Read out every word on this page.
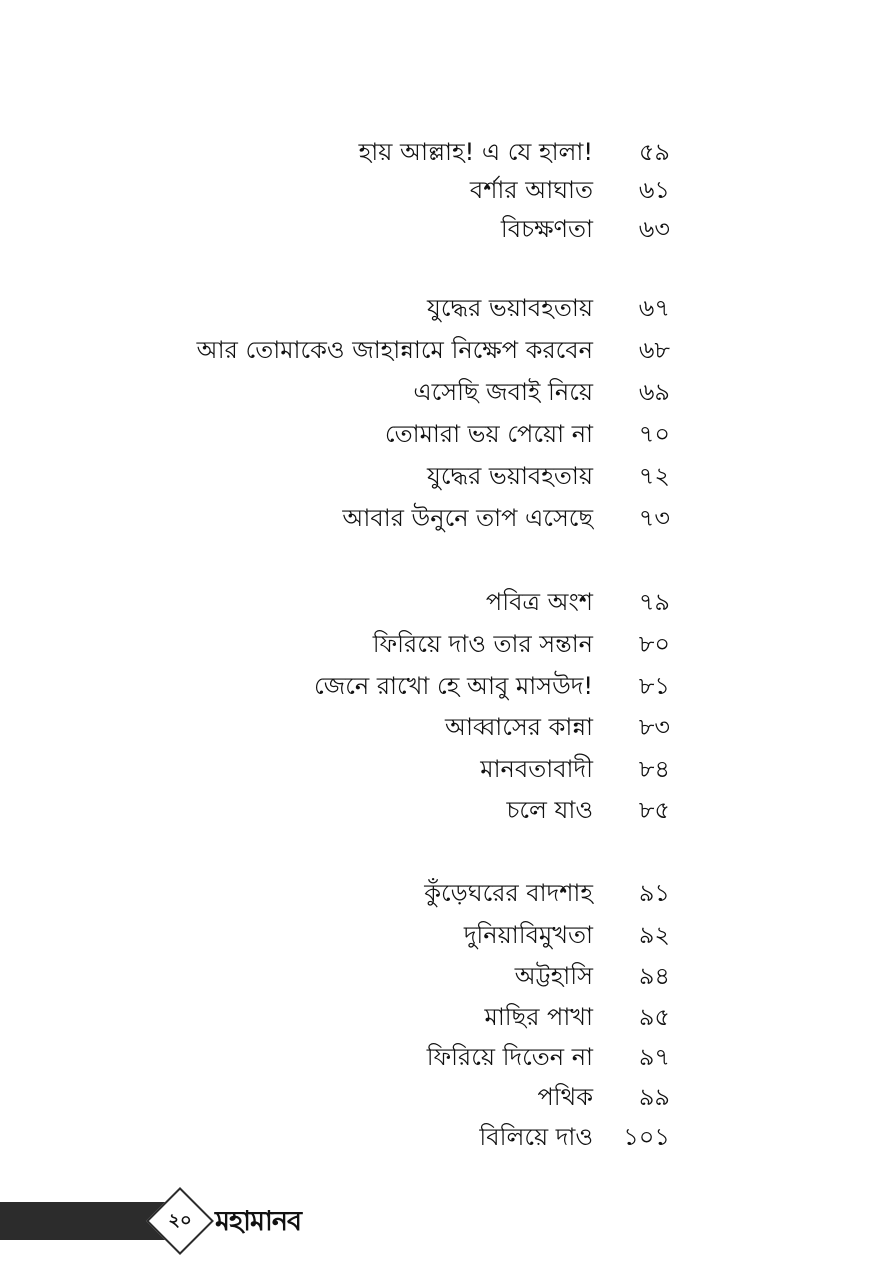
হায় আল্লাহ! এ যে হালা!	৫৯
বর্শার আঘাত	৬১
বিচক্ষণতা	৬৩
যুদ্ধের ভয়াবহতায়	৬৭
আর তোমাকেও জাহান্নামে নিক্ষেপ করবেন	৬৮
এসেছি জবাই নিয়ে	৬৯
তোমারা ভয় পেয়ো না	৭০
যুদ্ধের ভয়াবহতায়	৭২
আবার উনুনে তাপ এসেছে	৭৩
পবিত্র অংশ	৭৯
ফিরিয়ে দাও তার সন্তান	৮০
জেনে রাখো হে আবু মাসউদ!	৮১
আব্বাসের কান্না	৮৩
মানবতাবাদী	৮৪
চলে যাও	৮৫
কুঁড়েঘরের বাদশাহ	৯১
দুনিয়াবিমুখতা	৯২
অট্টহাসি	৯৪
মাছির পাখা	৯৫
ফিরিয়ে দিতেন না	৯৭
পথিক	৯৯
বিলিয়ে দাও	১০১
২০ মহামানব
